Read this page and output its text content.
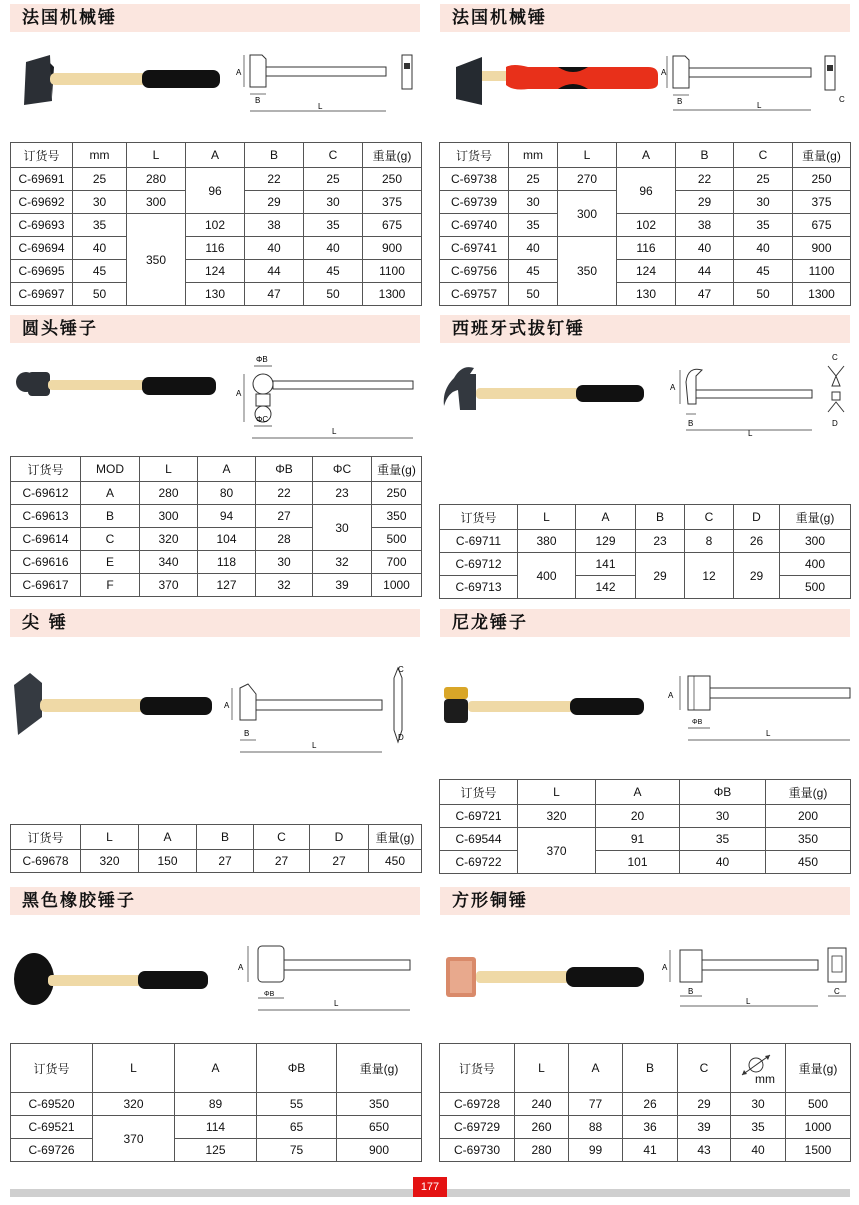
法国机械锤
A
B
L
订货号	mm	L	A	B	C	重量(g)
C-69691	25	280	96	22	25	250
C-69692	30	300		29	30	375
C-69693	35	350	102	38	35	675
C-69694	40		116	40	40	900
C-69695	45		124	44	45	1100
C-69697	50		130	47	50	1300
法国机械锤
A
B	L
C
订货号	mm	L	A	B	C	重量(g)
C-69738	25	270	96	22	25	250
C-69739	30	300		29	30	375
C-69740	35		102	38	35	675
C-69741	40	350	116	40	40	900
C-69756	45		124	44	45	1100
C-69757	50		130	47	50	1300
圆头锤子
ΦB
A
ΦC
L
订货号	MOD	L	A	ΦB	ΦC	重量(g)
C-69612	A	280	80	22	23	250
C-69613	B	300	94	27	30	350
C-69614	C	320	104	28		500
C-69616	E	340	118	30	32	700
C-69617	F	370	127	32	39	1000
西班牙式拔钉锤
A
B
L
C
D
订货号	L	A	B	C	D	重量(g)
C-69711	380	129	23	8	26	300
C-69712	400	141	29	12	29	400
C-69713		142				500
尖 锤
A
B
L
C
D
订货号	L	A	B	C	D	重量(g)
C-69678	320	150	27	27	27	450
尼龙锤子
A
ΦB
L
订货号	L	A	ΦB	重量(g)
C-69721	320	20	30	200
C-69544	370	91	35	350
C-69722		101	40	450
黑色橡胶锤子
A
ΦB
L
订货号	L	A	ΦB	重量(g)
C-69520	320	89	55	350
C-69521	370	114	65	650
C-69726		125	75	900
方形铜锤
A
B
L
C
订货号	L	A	B	C	mm	重量(g)
C-69728	240	77	26	29	30	500
C-69729	260	88	36	39	35	1000
C-69730	280	99	41	43	40	1500
177
